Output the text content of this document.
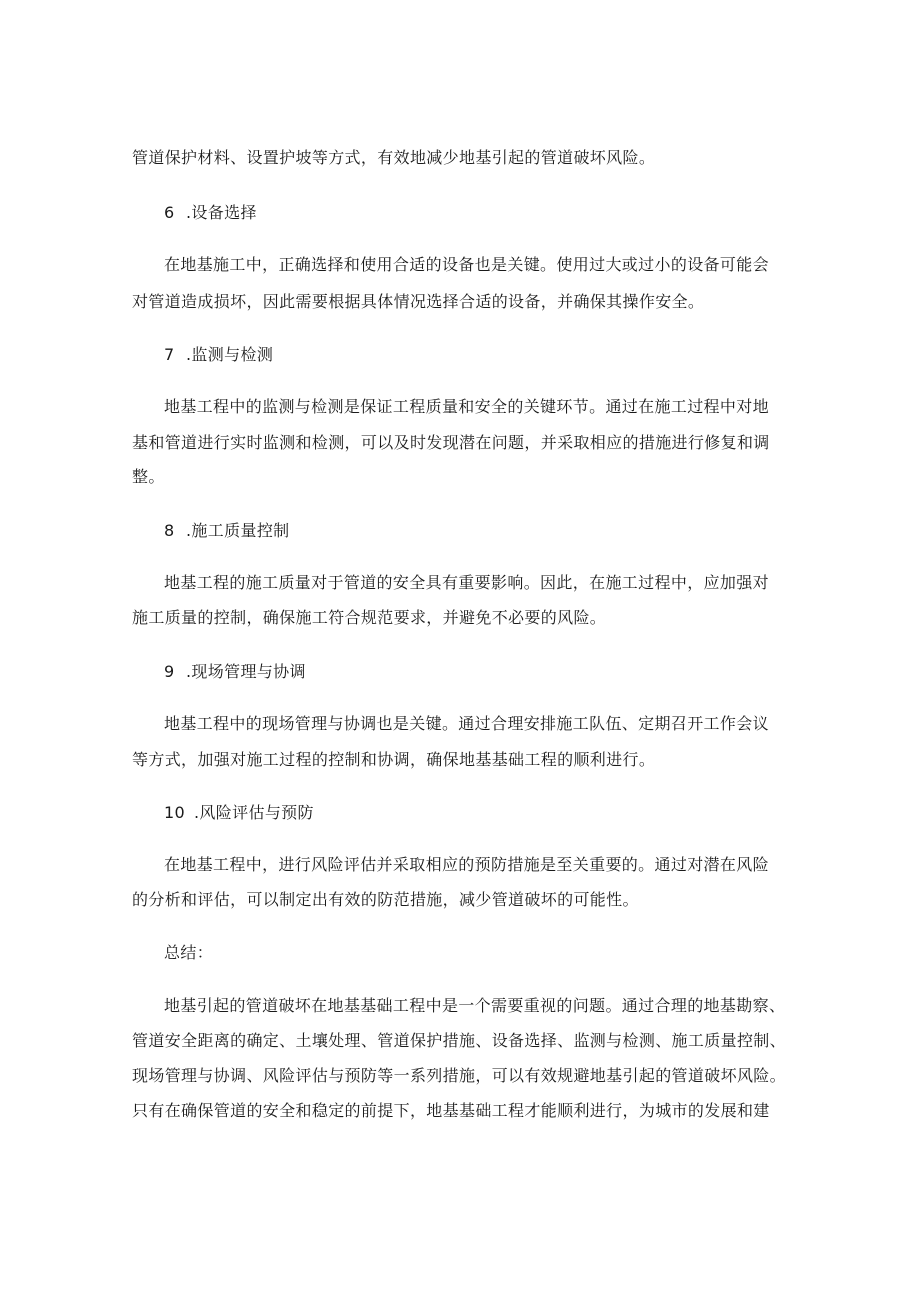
管道保护材料、设置护坡等方式，有效地减少地基引起的管道破坏风险。
6 .设备选择
在地基施工中，正确选择和使用合适的设备也是关键。使用过大或过小的设备可能会
对管道造成损坏，因此需要根据具体情况选择合适的设备，并确保其操作安全。
7 .监测与检测
地基工程中的监测与检测是保证工程质量和安全的关键环节。通过在施工过程中对地
基和管道进行实时监测和检测，可以及时发现潜在问题，并采取相应的措施进行修复和调
整。
8 .施工质量控制
地基工程的施工质量对于管道的安全具有重要影响。因此，在施工过程中，应加强对
施工质量的控制，确保施工符合规范要求，并避免不必要的风险。
9 .现场管理与协调
地基工程中的现场管理与协调也是关键。通过合理安排施工队伍、定期召开工作会议
等方式，加强对施工过程的控制和协调，确保地基基础工程的顺利进行。
10 .风险评估与预防
在地基工程中，进行风险评估并采取相应的预防措施是至关重要的。通过对潜在风险
的分析和评估，可以制定出有效的防范措施，减少管道破坏的可能性。
总结：
地基引起的管道破坏在地基基础工程中是一个需要重视的问题。通过合理的地基勘察、
管道安全距离的确定、土壤处理、管道保护措施、设备选择、监测与检测、施工质量控制、
现场管理与协调、风险评估与预防等一系列措施，可以有效规避地基引起的管道破坏风险。
只有在确保管道的安全和稳定的前提下，地基基础工程才能顺利进行，为城市的发展和建
